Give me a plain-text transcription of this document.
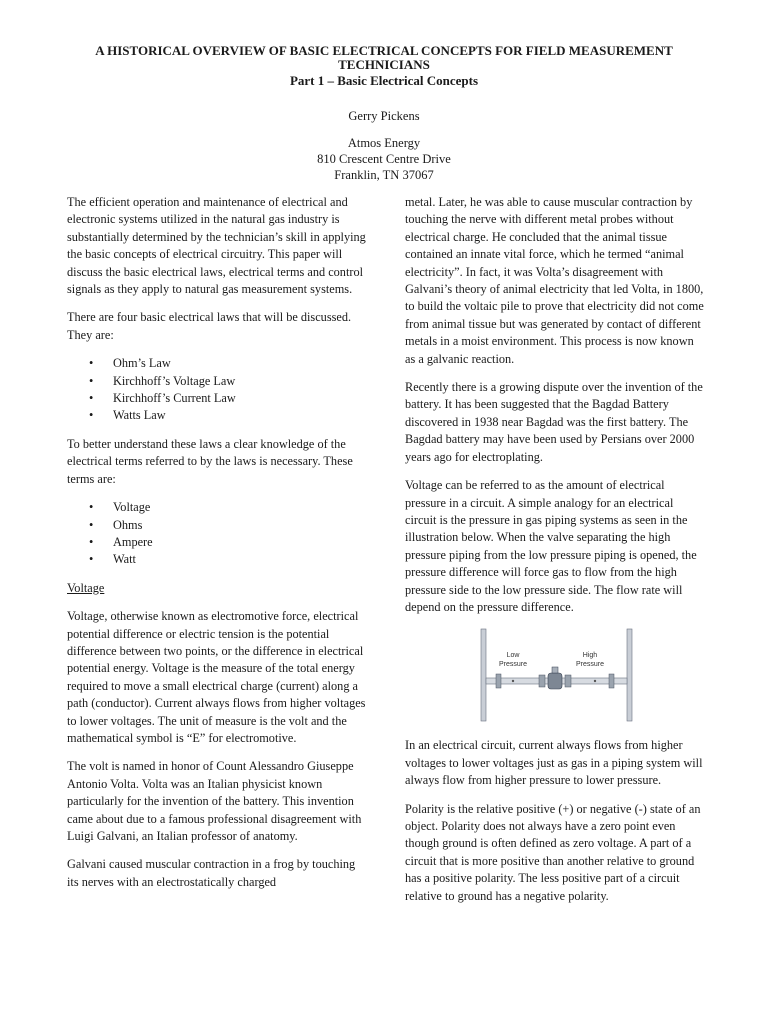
A HISTORICAL OVERVIEW OF BASIC ELECTRICAL CONCEPTS FOR FIELD MEASUREMENT TECHNICIANS

Part 1 – Basic Electrical Concepts

Gerry Pickens
Atmos Energy
810 Crescent Centre Drive
Franklin, TN 37067

The efficient operation and maintenance of electrical and electronic systems utilized in the natural gas industry is substantially determined by the technician’s skill in applying the basic concepts of electrical circuitry. This paper will discuss the basic electrical laws, electrical terms and control signals as they apply to natural gas measurement systems.

There are four basic electrical laws that will be discussed. They are:

• Ohm’s Law
• Kirchhoff’s Voltage Law
• Kirchhoff’s Current Law
• Watts Law

To better understand these laws a clear knowledge of the electrical terms referred to by the laws is necessary. These terms are:

• Voltage
• Ohms
• Ampere
• Watt

Voltage

Voltage, otherwise known as electromotive force, electrical potential difference or electric tension is the potential difference between two points, or the difference in electrical potential energy. Voltage is the measure of the total energy required to move a small electrical charge (current) along a path (conductor). Current always flows from higher voltages to lower voltages. The unit of measure is the volt and the mathematical symbol is “E” for electromotive.

The volt is named in honor of Count Alessandro Giuseppe Antonio Volta. Volta was an Italian physicist known particularly for the invention of the battery. This invention came about due to a famous professional disagreement with Luigi Galvani, an Italian professor of anatomy.

Galvani caused muscular contraction in a frog by touching its nerves with an electrostatically charged

metal. Later, he was able to cause muscular contraction by touching the nerve with different metal probes without electrical charge. He concluded that the animal tissue contained an innate vital force, which he termed “animal electricity”. In fact, it was Volta’s disagreement with Galvani’s theory of animal electricity that led Volta, in 1800, to build the voltaic pile to prove that electricity did not come from animal tissue but was generated by contact of different metals in a moist environment. This process is now known as a galvanic reaction.

Recently there is a growing dispute over the invention of the battery. It has been suggested that the Bagdad Battery discovered in 1938 near Bagdad was the first battery. The Bagdad battery may have been used by Persians over 2000 years ago for electroplating.

Voltage can be referred to as the amount of electrical pressure in a circuit. A simple analogy for an electrical circuit is the pressure in gas piping systems as seen in the illustration below. When the valve separating the high pressure piping from the low pressure piping is opened, the pressure difference will force gas to flow from the high pressure side to the low pressure side. The flow rate will depend on the pressure difference.

Low
Pressure
High
Pressure

In an electrical circuit, current always flows from higher voltages to lower voltages just as gas in a piping system will always flow from higher pressure to lower pressure.

Polarity is the relative positive (+) or negative (-) state of an object. Polarity does not always have a zero point even though ground is often defined as zero voltage. A part of a circuit that is more positive than another relative to ground has a positive polarity. The less positive part of a circuit relative to ground has a negative polarity.
